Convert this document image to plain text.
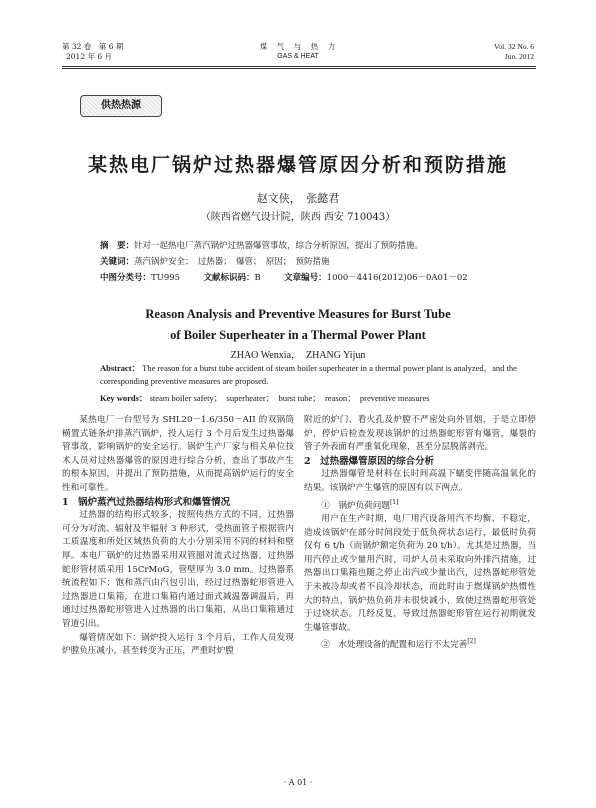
第 32 卷　第 6 期
2012 年 6 月
煤　气　与　热　力
GAS & HEAT
Vol. 32 No. 6
Jun. 2012
供热热源
某热电厂锅炉过热器爆管原因分析和预防措施
赵文侠，　张懿君
（陕西省燃气设计院，陕西 西安 710043）
摘　要：针对一起热电厂蒸汽锅炉过热器爆管事故，综合分析原因，提出了预防措施。
关键词：蒸汽锅炉安全；　过热器；　爆管；　原因；　预防措施
中图分类号：TU995	文献标识码：B	文章编号：1000－4416(2012)06－0A01－02
Reason Analysis and Preventive Measures for Burst Tube
of Boiler Superheater in a Thermal Power Plant
ZHAO Wenxia，　ZHANG Yijun
Abstract： The reason for a burst tube accident of steam boiler superheater in a thermal power plant is analyzed，and the corresponding preventive measures are proposed.
Key words： steam boiler safety；　superheater；　burst tube；　reason；　preventive measures

某热电厂一台型号为 SHL20－1.6/350－AII 的双锅筒横置式链条炉排蒸汽锅炉，投入运行 3 个月后发生过热器爆管事故，影响锅炉的安全运行。锅炉生产厂家与相关单位技术人员对过热器爆管的原因进行综合分析，查出了事故产生的根本原因，并提出了预防措施，从而提高锅炉运行的安全性和可靠性。

1　锅炉蒸汽过热器结构形式和爆管情况

过热器的结构形式较多，按照传热方式的不同，过热器可分为对流、辐射及半辐射 3 种形式，受热面管子根据管内工质温度和所处区域热负荷的大小分别采用不同的材料和壁厚。本电厂锅炉的过热器采用双管圈对流式过热器，过热器蛇形管材质采用 15CrMoG，管壁厚为 3.0 mm。过热器系统流程如下：饱和蒸汽由汽包引出，经过过热器蛇形管进入过热器进口集箱，在进口集箱内通过面式减温器调温后，再通过过热器蛇形管进入过热器的出口集箱，从出口集箱通过管道引出。

爆管情况如下：锅炉投入运行 3 个月后，工作人员发现炉膛负压减小，甚至转变为正压，严重时炉膛

附近的炉门、看火孔及炉膛不严密处向外冒烟，于是立即停炉，停炉后检查发现该锅炉的过热器蛇形管有爆管，爆裂的管子外表面有严重氧化现象，甚至分层脱落剥壳。

2　过热器爆管原因的综合分析

过热器爆管是材料在长时间高温下蠕变伴随高温氧化的结果。该锅炉产生爆管的原因有以下两点。

①　锅炉负荷问题[1]

用户在生产时期，电厂用汽设备用汽不均衡、不稳定，造成该锅炉在部分时间段处于低负荷状态运行，最低时负荷仅有 6 t/h（而锅炉额定负荷为 20 t/h）。尤其是过热器，当用汽停止或少量用汽时，司炉人员未采取向外排汽措施，过热器出口集箱也随之停止出汽或少量出汽，过热器蛇形管处于未被冷却或者不良冷却状态，而此时由于燃煤锅炉热惯性大的特点，锅炉热负荷并未很快减小，致使过热器蛇形管处于过烧状态。几经反复，导致过热器蛇形管在运行初期就发生爆管事故。

②　水处理设备的配置和运行不太完善[2]

· A 01 ·
